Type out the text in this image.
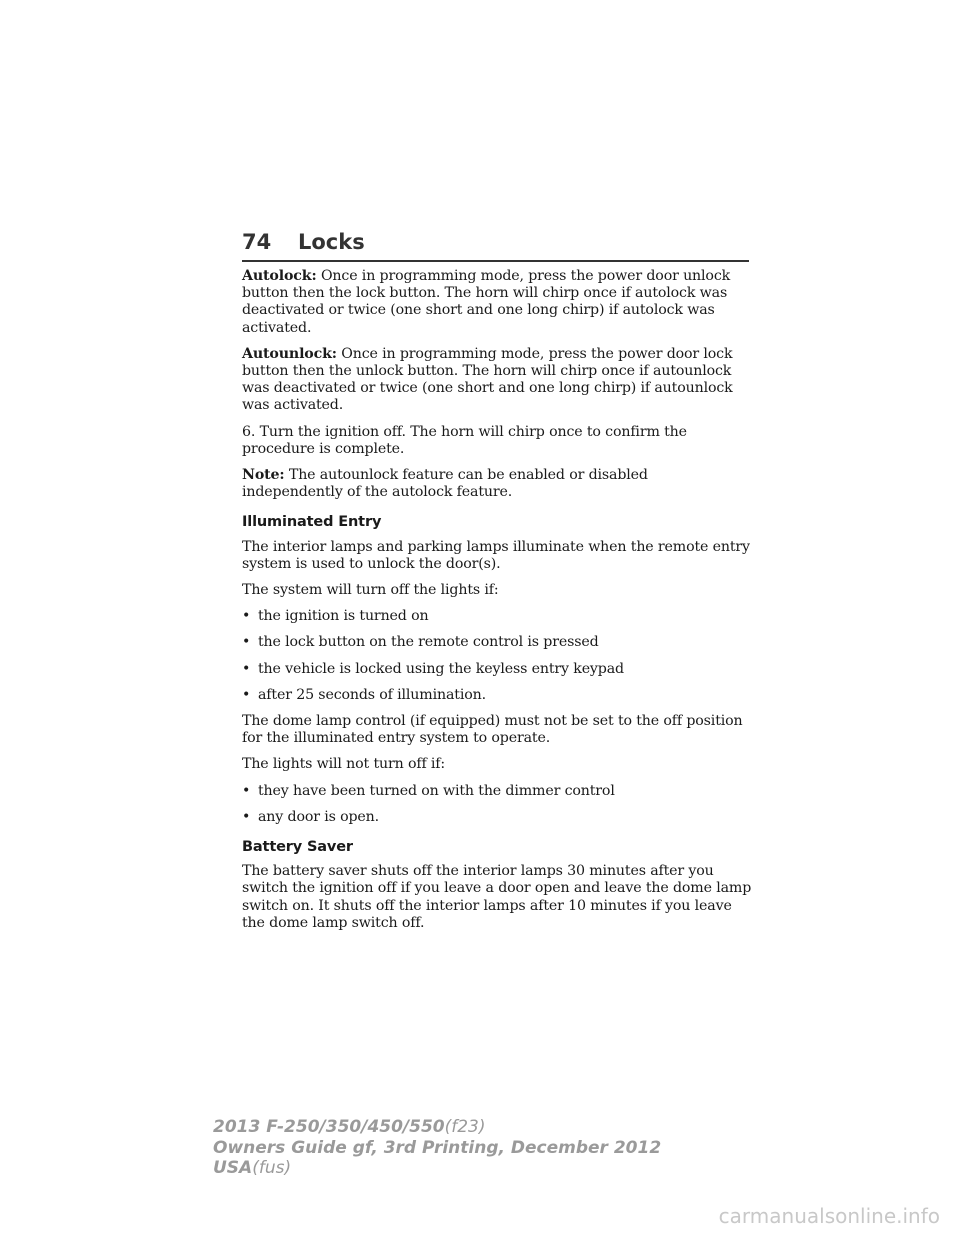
74 Locks

Autolock: Once in programming mode, press the power door unlock button then the lock button. The horn will chirp once if autolock was deactivated or twice (one short and one long chirp) if autolock was activated.

Autounlock: Once in programming mode, press the power door lock button then the unlock button. The horn will chirp once if autounlock was deactivated or twice (one short and one long chirp) if autounlock was activated.

6. Turn the ignition off. The horn will chirp once to confirm the procedure is complete.

Note: The autounlock feature can be enabled or disabled independently of the autolock feature.

Illuminated Entry

The interior lamps and parking lamps illuminate when the remote entry system is used to unlock the door(s).

The system will turn off the lights if:

• the ignition is turned on
• the lock button on the remote control is pressed
• the vehicle is locked using the keyless entry keypad
• after 25 seconds of illumination.

The dome lamp control (if equipped) must not be set to the off position for the illuminated entry system to operate.

The lights will not turn off if:

• they have been turned on with the dimmer control
• any door is open.
Battery Saver

The battery saver shuts off the interior lamps 30 minutes after you switch the ignition off if you leave a door open and leave the dome lamp switch on. It shuts off the interior lamps after 10 minutes if you leave the dome lamp switch off.

2013 F-250/350/450/550(f23)
Owners Guide gf, 3rd Printing, December 2012
USA(fus)
carmanualsonline.info
